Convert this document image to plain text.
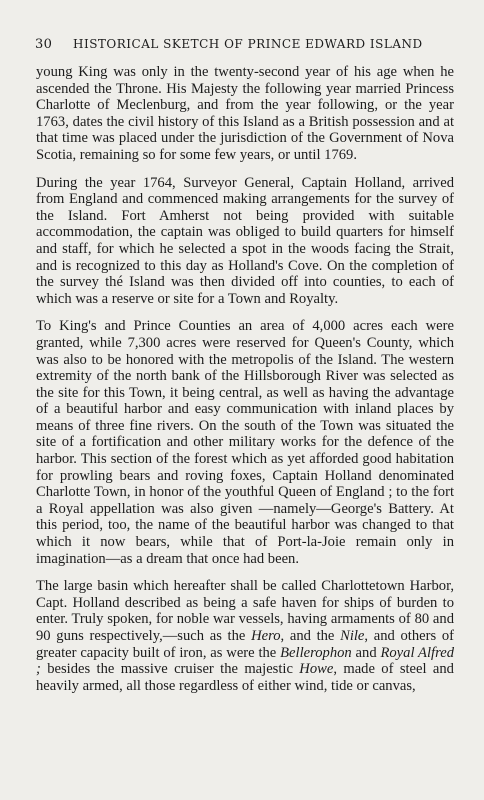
30	HISTORICAL SKETCH OF PRINCE EDWARD ISLAND

young King was only in the twenty-second year of his age when he ascended the Throne. His Majesty the following year married Princess Charlotte of Meclenburg, and from the year following, or the year 1763, dates the civil history of this Island as a British possession and at that time was placed under the jurisdiction of the Government of Nova Scotia, remaining so for some few years, or until 1769.

During the year 1764, Surveyor General, Captain Holland, arrived from England and commenced making arrangements for the survey of the Island. Fort Amherst not being provided with suitable accommodation, the captain was obliged to build quarters for himself and staff, for which he selected a spot in the woods facing the Strait, and is recognized to this day as Holland's Cove. On the completion of the survey thé Island was then divided off into counties, to each of which was a reserve or site for a Town and Royalty.

To King's and Prince Counties an area of 4,000 acres each were granted, while 7,300 acres were reserved for Queen's County, which was also to be honored with the metropolis of the Island. The western extremity of the north bank of the Hillsborough River was selected as the site for this Town, it being central, as well as having the advantage of a beautiful harbor and easy communication with inland places by means of three fine rivers. On the south of the Town was situated the site of a fortification and other military works for the defence of the harbor. This section of the forest which as yet afforded good habitation for prowling bears and roving foxes, Captain Holland denominated Charlotte Town, in honor of the youthful Queen of England ; to the fort a Royal appellation was also given —namely—George's Battery. At this period, too, the name of the beautiful harbor was changed to that which it now bears, while that of Port-la-Joie remain only in imagination—as a dream that once had been.

The large basin which hereafter shall be called Charlottetown Harbor, Capt. Holland described as being a safe haven for ships of burden to enter. Truly spoken, for noble war vessels, having armaments of 80 and 90 guns respectively,—such as the Hero, and the Nile, and others of greater capacity built of iron, as were the Bellerophon and Royal Alfred ; besides the massive cruiser the majestic Howe, made of steel and heavily armed, all those regardless of either wind, tide or canvas,
